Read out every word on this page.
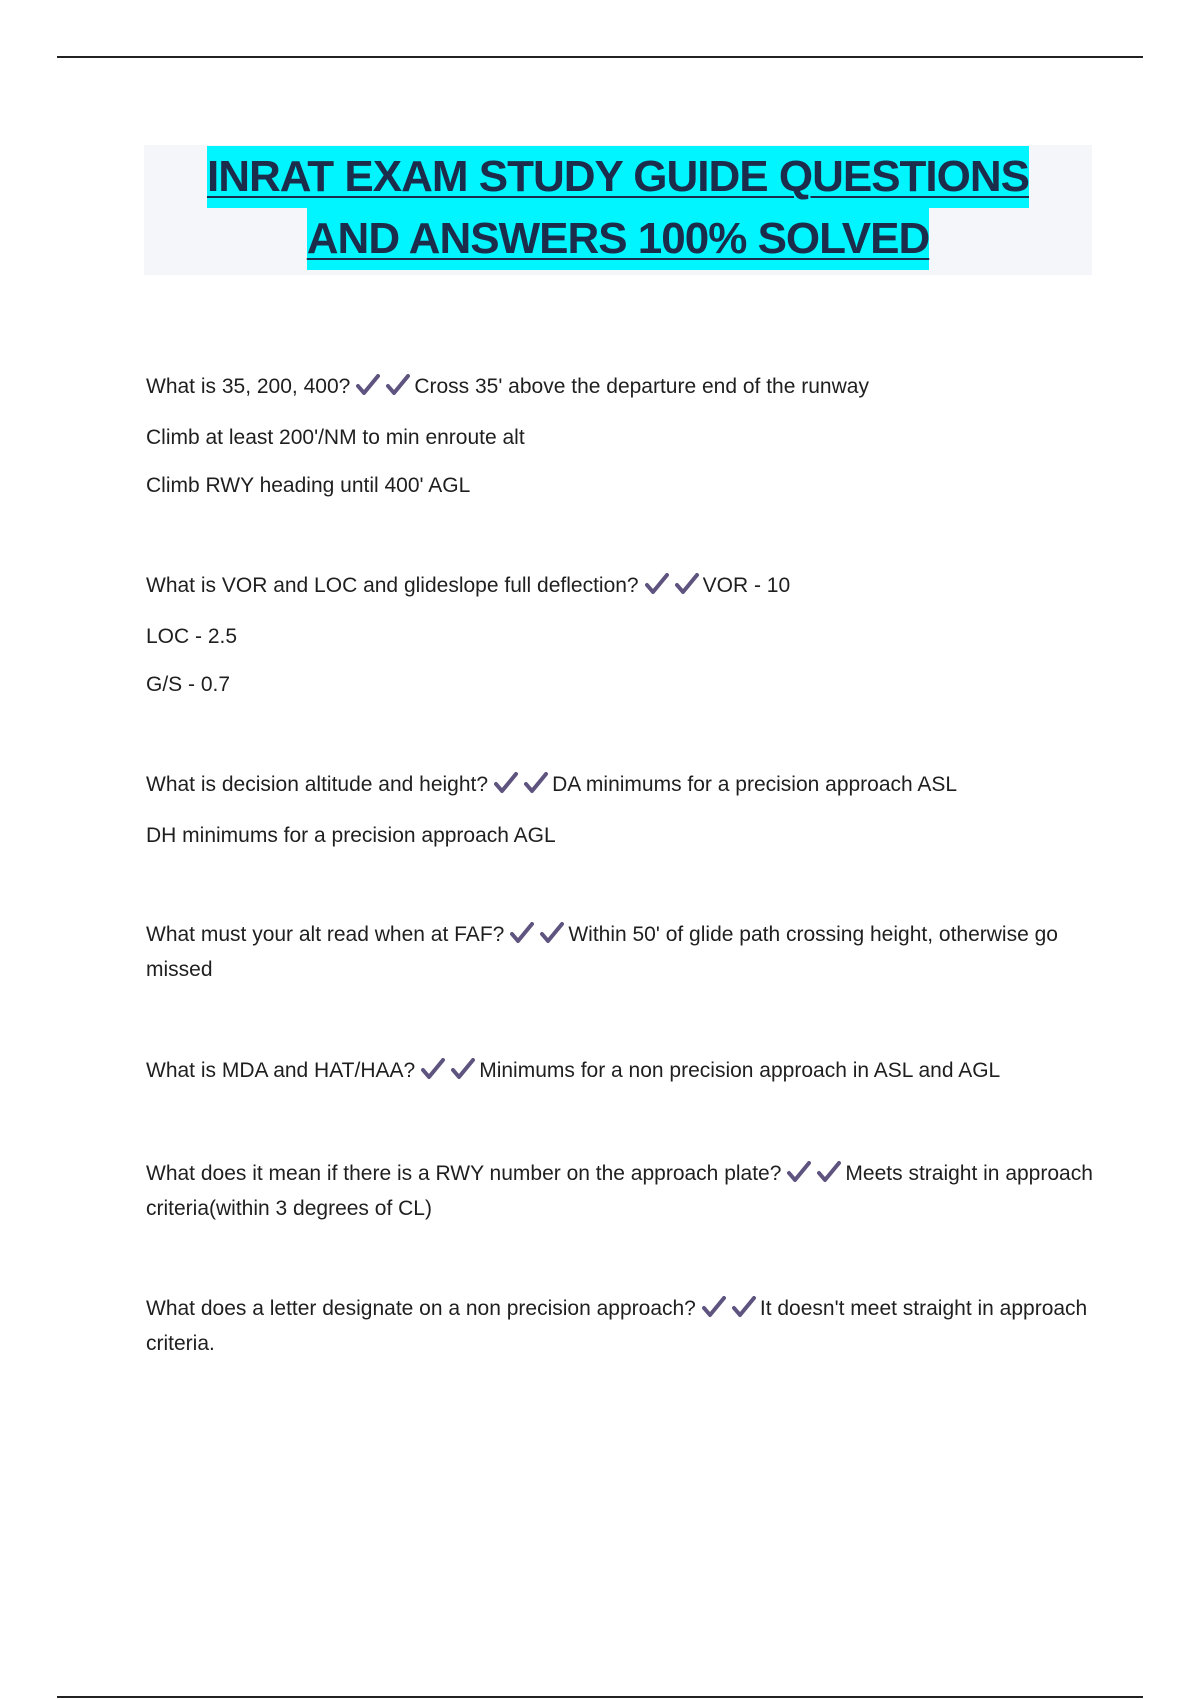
INRAT EXAM STUDY GUIDE QUESTIONS
AND ANSWERS 100% SOLVED

What is 35, 200, 400?	Cross 35' above the departure end of the runway

Climb at least 200'/NM to min enroute alt

Climb RWY heading until 400' AGL

What is VOR and LOC and glideslope full deflection?	VOR - 10

LOC - 2.5

G/S - 0.7

What is decision altitude and height?	DA minimums for a precision approach ASL

DH minimums for a precision approach AGL

What must your alt read when at FAF?	Within 50' of glide path crossing height, otherwise go missed

What is MDA and HAT/HAA?	Minimums for a non precision approach in ASL and AGL

What does it mean if there is a RWY number on the approach plate?	Meets straight in approach criteria(within 3 degrees of CL)

What does a letter designate on a non precision approach?	It doesn't meet straight in approach criteria.
